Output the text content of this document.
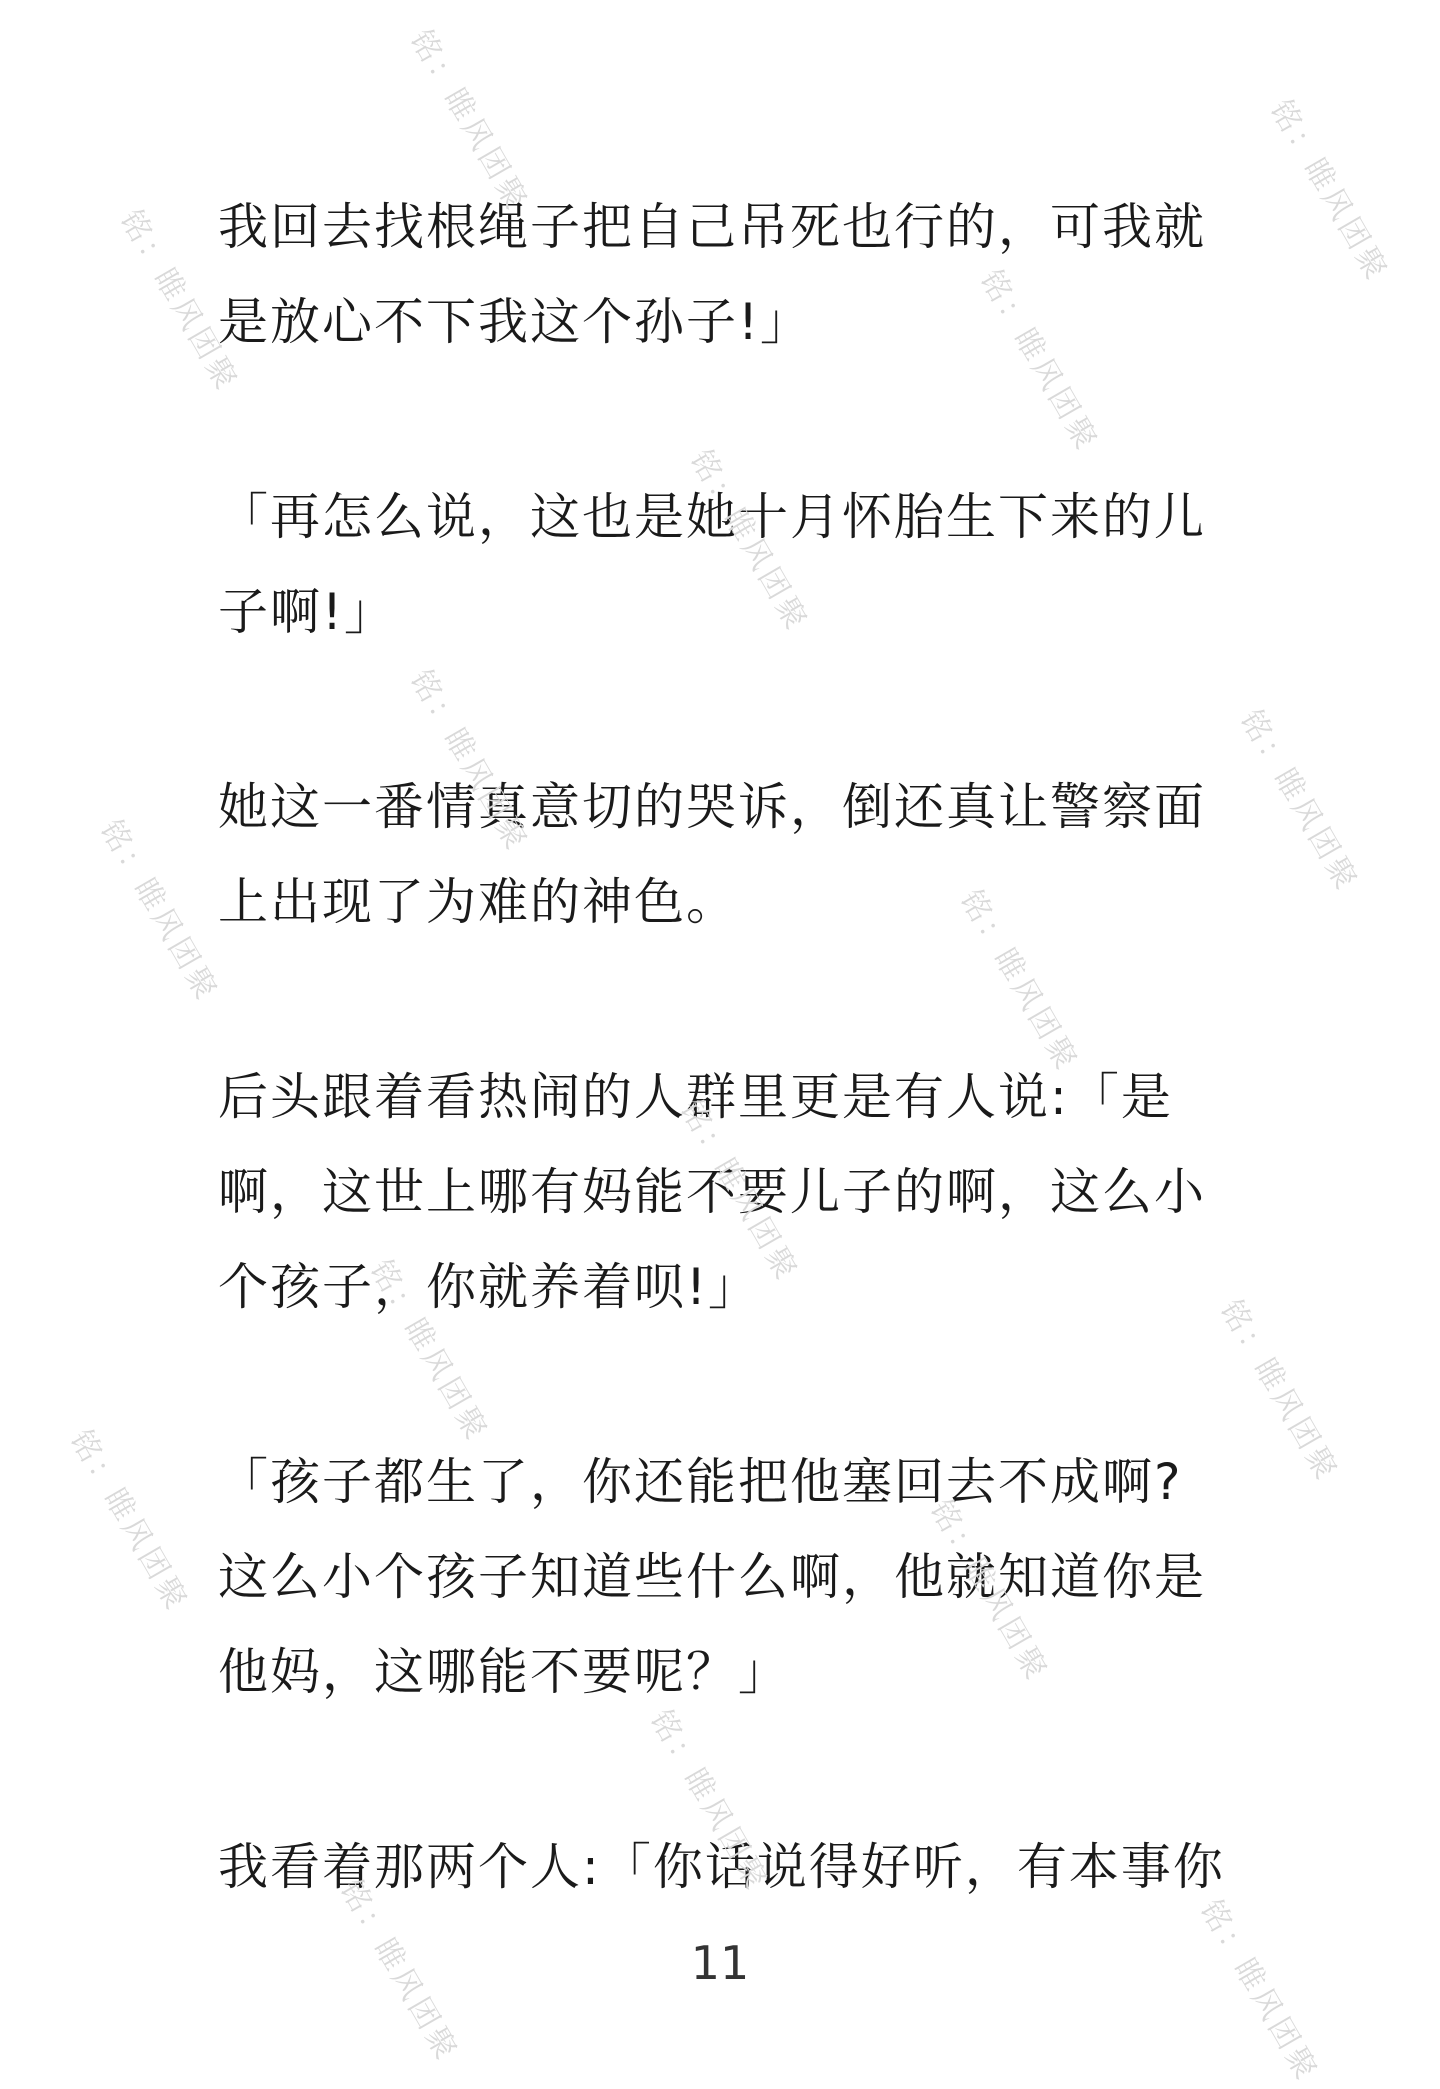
我回去找根绳子把自己吊死也行的，可我就
是放心不下我这个孙子!」

「再怎么说，这也是她十月怀胎生下来的儿
子啊!」

她这一番情真意切的哭诉，倒还真让警察面
上出现了为难的神色。

后头跟着看热闹的人群里更是有人说:「是
啊，这世上哪有妈能不要儿子的啊，这么小
个孩子，你就养着呗!」

「孩子都生了，你还能把他塞回去不成啊?
这么小个孩子知道些什么啊，他就知道你是
他妈，这哪能不要呢？」

我看着那两个人:「你话说得好听，有本事你

11
铭：睢风团聚	铭：睢风团聚
铭：睢风团聚	铭：睢风团聚
铭：睢风团聚
铭：睢风团聚	铭：睢风团聚
铭：睢风团聚	铭：睢风团聚
铭：睢风团聚
铭：睢风团聚	铭：睢风团聚
铭：睢风团聚	铭：睢风团聚
铭：睢风团聚
铭：睢风团聚	铭：睢风团聚
